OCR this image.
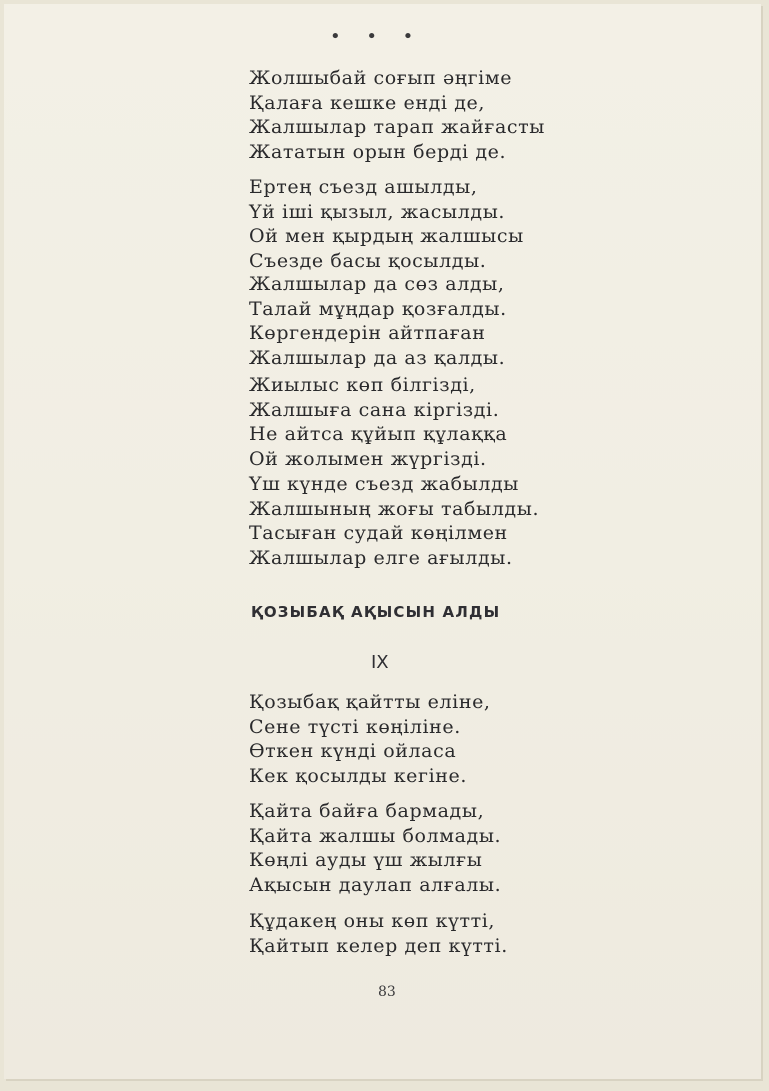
• • •
Жолшыбай соғып әңгіме
Қалаға кешке енді де,
Жалшылар тарап жайғасты
Жататын орын берді де.
Ертең съезд ашылды,
Үй іші қызыл, жасылды.
Ой мен қырдың жалшысы
Съезде басы қосылды.
Жалшылар да сөз алды,
Талай мұңдар қозғалды.
Көргендерін айтпаған
Жалшылар да аз қалды.
Жиылыс көп білгізді,
Жалшыға сана кіргізді.
Не айтса құйып құлаққа
Ой жолымен жүргізді.
Үш күнде съезд жабылды
Жалшының жоғы табылды.
Тасыған судай көңілмен
Жалшылар елге ағылды.
ҚОЗЫБАҚ АҚЫСЫН АЛДЫ
IX
Қозыбақ қайтты еліне,
Сене түсті көңіліне.
Өткен күнді ойласа
Кек қосылды кегіне.
Қайта байға бармады,
Қайта жалшы болмады.
Көңлі ауды үш жылғы
Ақысын даулап алғалы.
Құдакең оны көп күтті,
Қайтып келер деп күтті.
83
